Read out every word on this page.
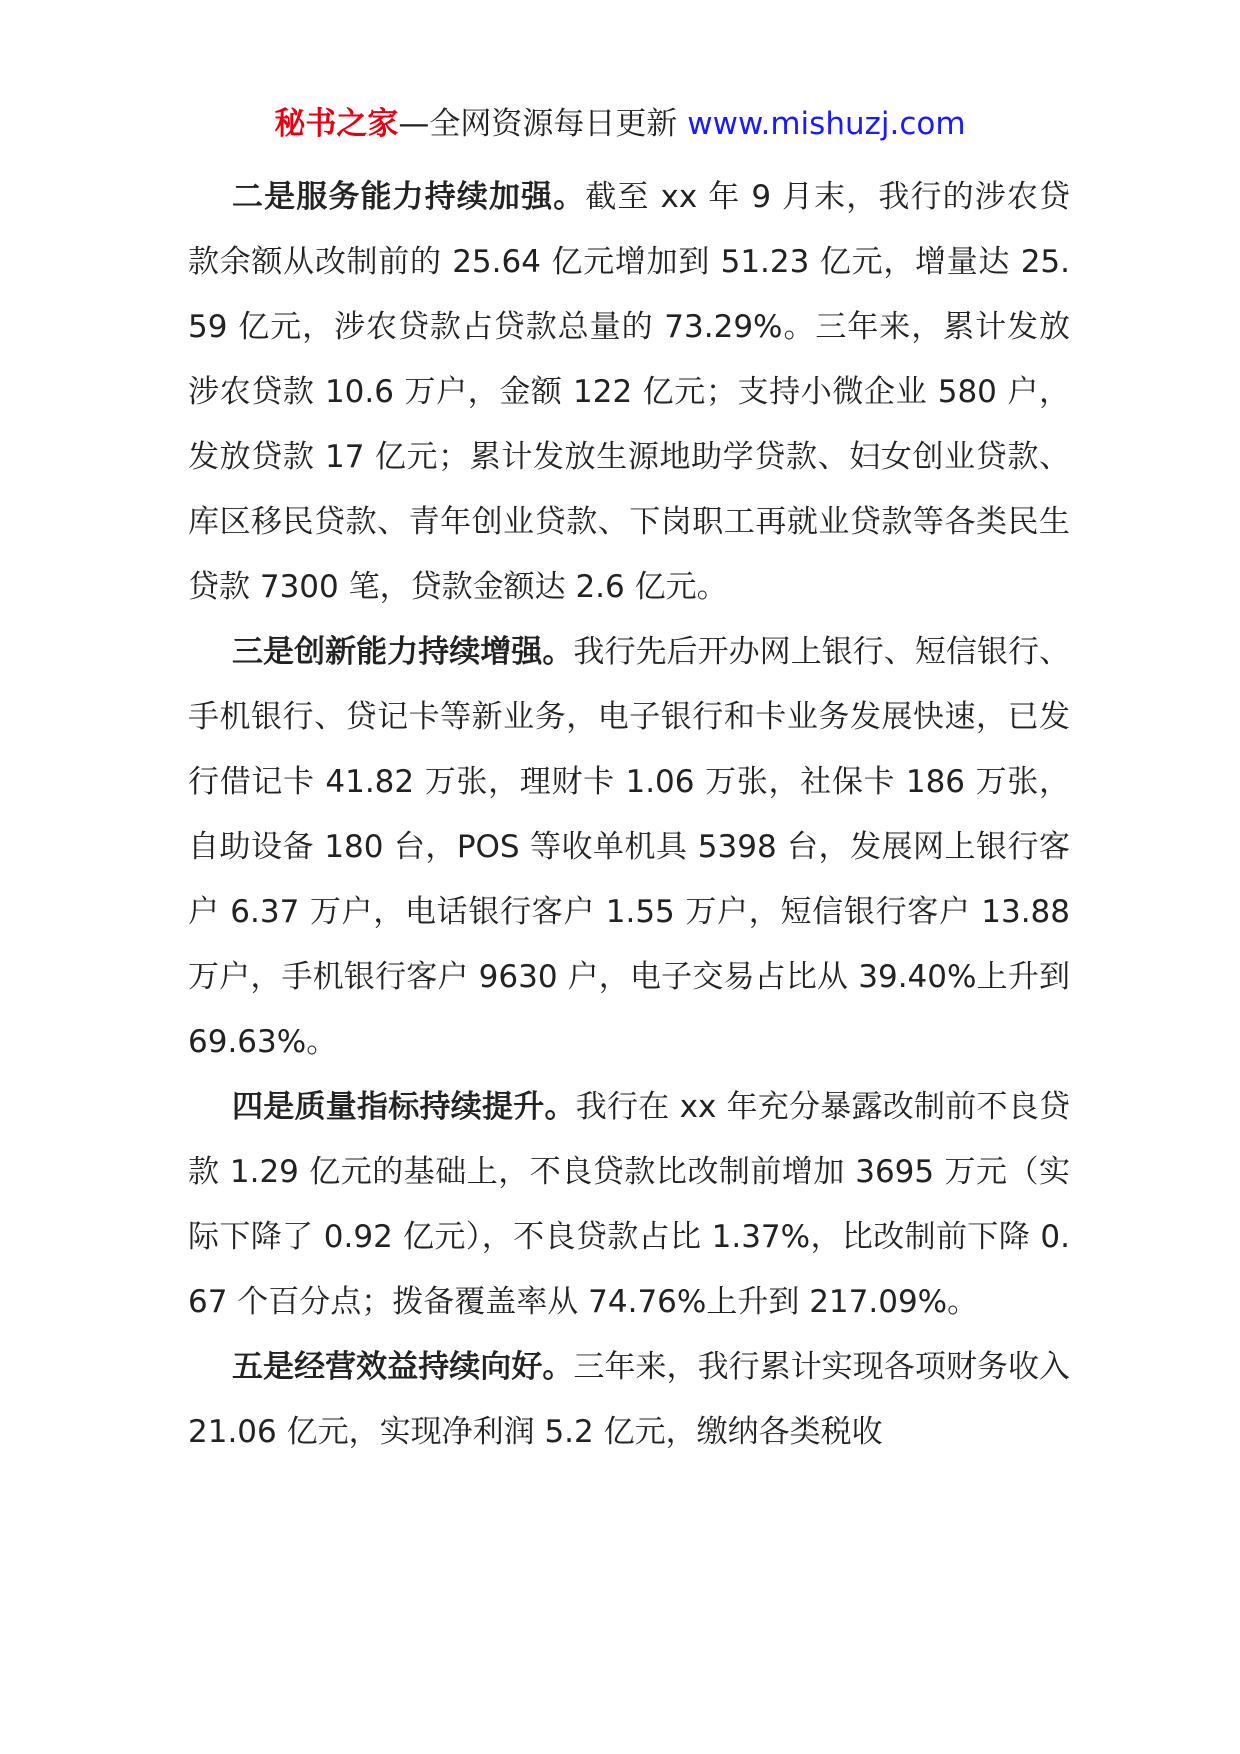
秘书之家—全网资源每日更新 www.mishuzj.com

二是服务能力持续加强。截至 xx 年 9 月末，我行的涉农贷款余额从改制前的 25.64 亿元增加到 51.23 亿元，增量达 25.59 亿元，涉农贷款占贷款总量的 73.29%。三年来，累计发放涉农贷款 10.6 万户，金额 122 亿元；支持小微企业 580 户，发放贷款 17 亿元；累计发放生源地助学贷款、妇女创业贷款、库区移民贷款、青年创业贷款、下岗职工再就业贷款等各类民生贷款 7300 笔，贷款金额达 2.6 亿元。

三是创新能力持续增强。我行先后开办网上银行、短信银行、手机银行、贷记卡等新业务，电子银行和卡业务发展快速，已发行借记卡 41.82 万张，理财卡 1.06 万张，社保卡 186 万张，自助设备 180 台，POS 等收单机具 5398 台，发展网上银行客户 6.37 万户，电话银行客户 1.55 万户，短信银行客户 13.88 万户，手机银行客户 9630 户，电子交易占比从 39.40%上升到 69.63%。

四是质量指标持续提升。我行在 xx 年充分暴露改制前不良贷款 1.29 亿元的基础上，不良贷款比改制前增加 3695 万元（实际下降了 0.92 亿元），不良贷款占比 1.37%，比改制前下降 0.67 个百分点；拨备覆盖率从 74.76%上升到 217.09%。

五是经营效益持续向好。三年来，我行累计实现各项财务收入 21.06 亿元，实现净利润 5.2 亿元，缴纳各类税收
